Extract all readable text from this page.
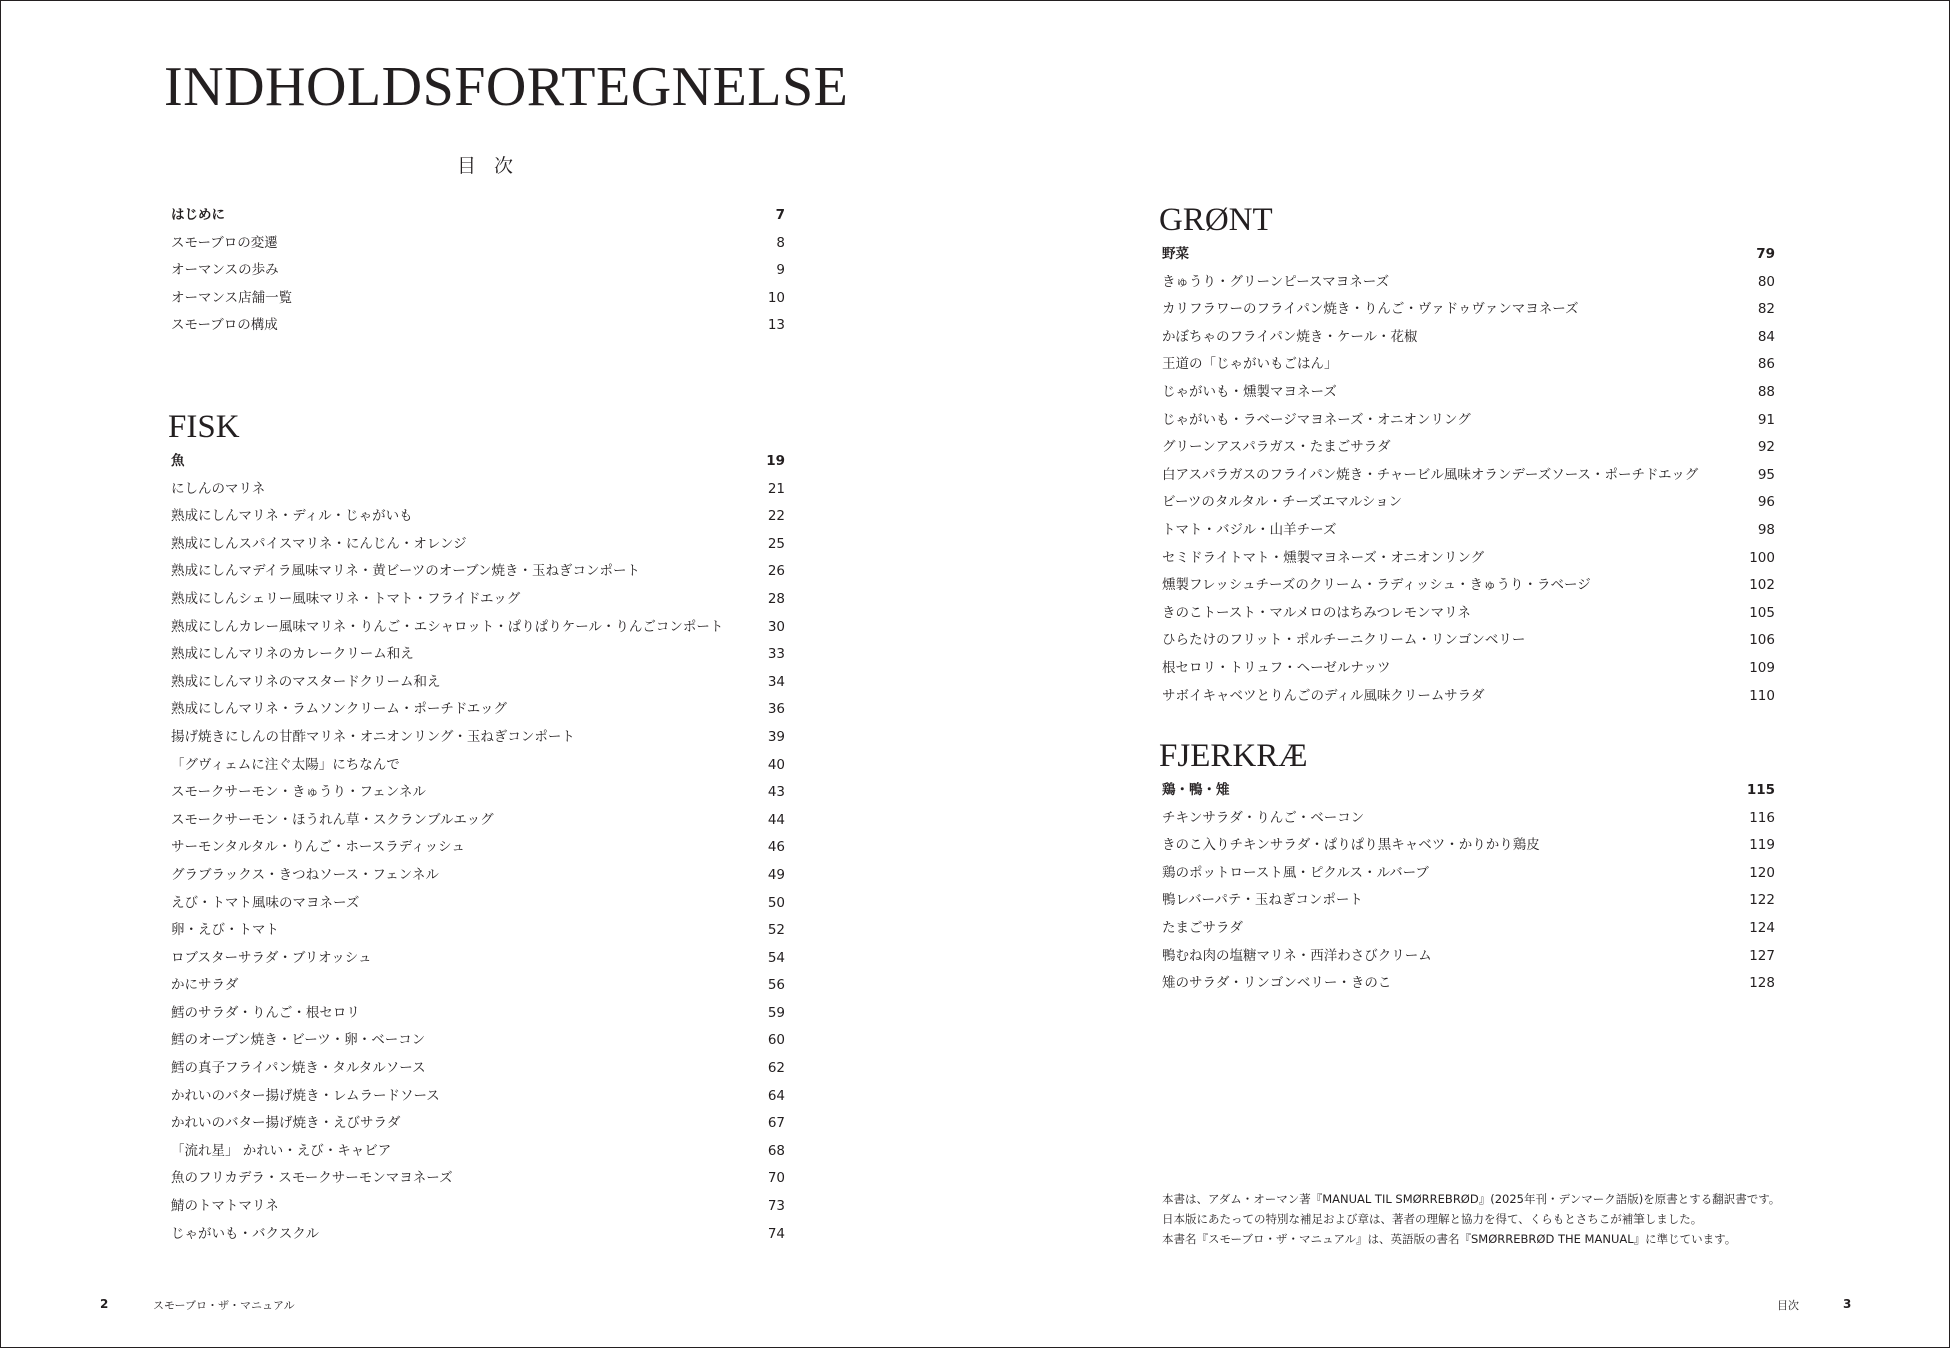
INDHOLDSFORTEGNELSE
目 次
はじめに	7
スモーブロの変遷	8
オーマンスの歩み	9
オーマンス店舗一覧	10
スモーブロの構成	13
FISK
魚	19
にしんのマリネ	21
熟成にしんマリネ・ディル・じゃがいも	22
熟成にしんスパイスマリネ・にんじん・オレンジ	25
熟成にしんマデイラ風味マリネ・黄ビーツのオーブン焼き・玉ねぎコンポート	26
熟成にしんシェリー風味マリネ・トマト・フライドエッグ	28
熟成にしんカレー風味マリネ・りんご・エシャロット・ぱりぱりケール・りんごコンポート	30
熟成にしんマリネのカレークリーム和え	33
熟成にしんマリネのマスタードクリーム和え	34
熟成にしんマリネ・ラムソンクリーム・ポーチドエッグ	36
揚げ焼きにしんの甘酢マリネ・オニオンリング・玉ねぎコンポート	39
「グヴィェムに注ぐ太陽」にちなんで	40
スモークサーモン・きゅうり・フェンネル	43
スモークサーモン・ほうれん草・スクランブルエッグ	44
サーモンタルタル・りんご・ホースラディッシュ	46
グラブラックス・きつねソース・フェンネル	49
えび・トマト風味のマヨネーズ	50
卵・えび・トマト	52
ロブスターサラダ・ブリオッシュ	54
かにサラダ	56
鱈のサラダ・りんご・根セロリ	59
鱈のオーブン焼き・ビーツ・卵・ベーコン	60
鱈の真子フライパン焼き・タルタルソース	62
かれいのバター揚げ焼き・レムラードソース	64
かれいのバター揚げ焼き・えびサラダ	67
「流れ星」 かれい・えび・キャビア	68
魚のフリカデラ・スモークサーモンマヨネーズ	70
鯖のトマトマリネ	73
じゃがいも・バクスクル	74
GRØNT
野菜	79
きゅうり・グリーンピースマヨネーズ	80
カリフラワーのフライパン焼き・りんご・ヴァドゥヴァンマヨネーズ	82
かぼちゃのフライパン焼き・ケール・花椒	84
王道の「じゃがいもごはん」	86
じゃがいも・燻製マヨネーズ	88
じゃがいも・ラベージマヨネーズ・オニオンリング	91
グリーンアスパラガス・たまごサラダ	92
白アスパラガスのフライパン焼き・チャービル風味オランデーズソース・ポーチドエッグ	95
ビーツのタルタル・チーズエマルション	96
トマト・バジル・山羊チーズ	98
セミドライトマト・燻製マヨネーズ・オニオンリング	100
燻製フレッシュチーズのクリーム・ラディッシュ・きゅうり・ラベージ	102
きのこトースト・マルメロのはちみつレモンマリネ	105
ひらたけのフリット・ポルチーニクリーム・リンゴンベリー	106
根セロリ・トリュフ・ヘーゼルナッツ	109
サボイキャベツとりんごのディル風味クリームサラダ	110
FJERKRÆ
鶏・鴨・雉	115
チキンサラダ・りんご・ベーコン	116
きのこ入りチキンサラダ・ぱりぱり黒キャベツ・かりかり鶏皮	119
鶏のポットロースト風・ピクルス・ルバーブ	120
鴨レバーパテ・玉ねぎコンポート	122
たまごサラダ	124
鴨むね肉の塩糖マリネ・西洋わさびクリーム	127
雉のサラダ・リンゴンベリー・きのこ	128

本書は、アダム・オーマン著『MANUAL TIL SMØRREBRØD』(2025年刊・デンマーク語版)を原書とする翻訳書です。
日本版にあたっての特別な補足および章は、著者の理解と協力を得て、くらもとさちこが補筆しました。
本書名『スモーブロ・ザ・マニュアル』は、英語版の書名『SMØRREBRØD THE MANUAL』に準じています。

2	スモーブロ・ザ・マニュアル	目次	3
